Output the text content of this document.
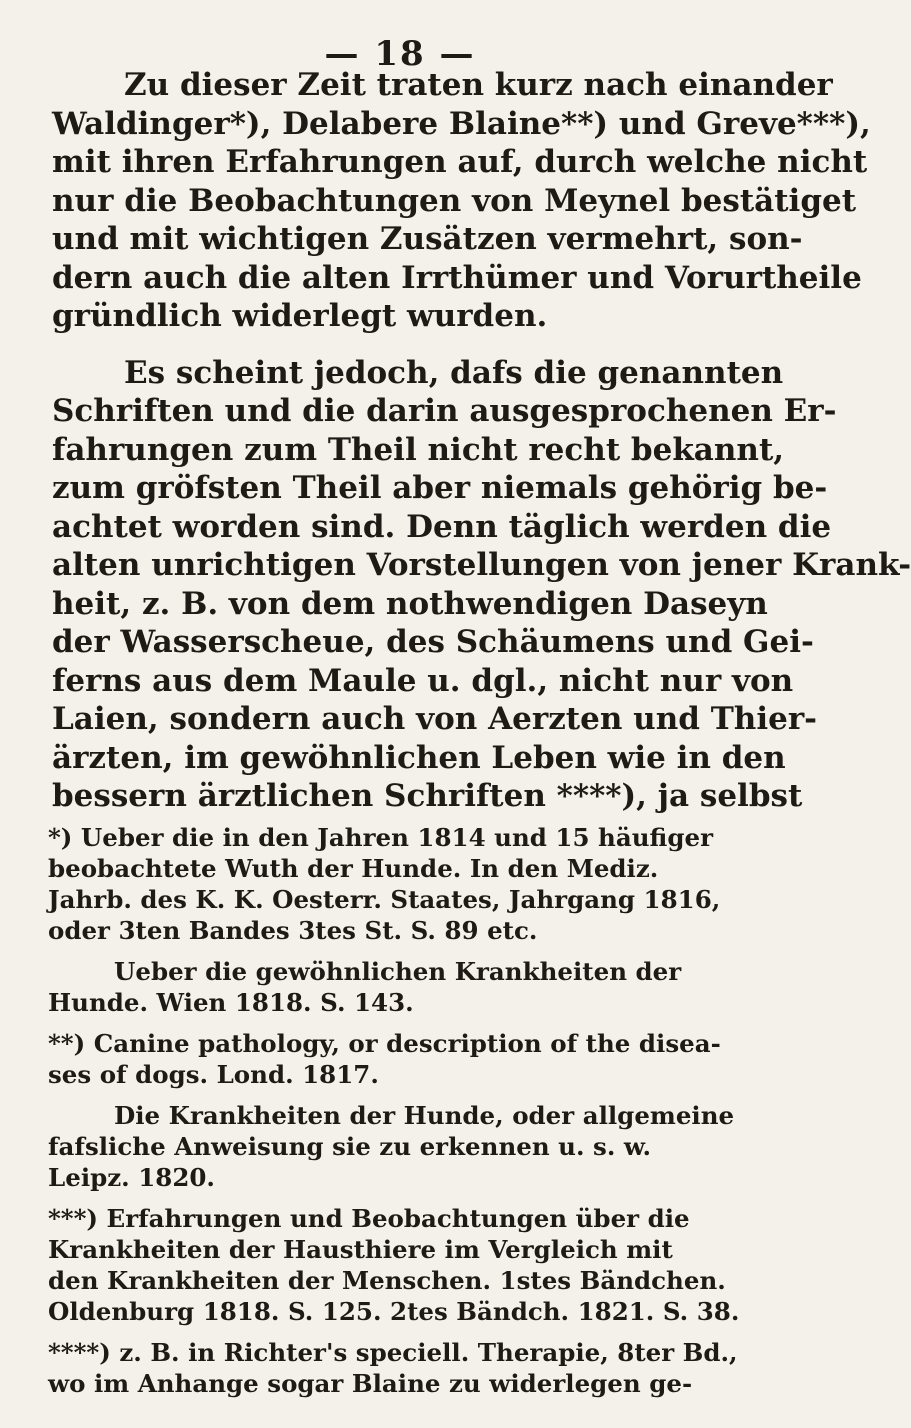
— 18 —
Zu dieser Zeit traten kurz nach einander
Waldinger*), Delabere Blaine**) und Greve***),
mit ihren Erfahrungen auf, durch welche nicht
nur die Beobachtungen von Meynel bestätiget
und mit wichtigen Zusätzen vermehrt, son-
dern auch die alten Irrthümer und Vorurtheile
gründlich widerlegt wurden.
Es scheint jedoch, dafs die genannten
Schriften und die darin ausgesprochenen Er-
fahrungen zum Theil nicht recht bekannt,
zum gröfsten Theil aber niemals gehörig be-
achtet worden sind. Denn täglich werden die
alten unrichtigen Vorstellungen von jener Krank-
heit, z. B. von dem nothwendigen Daseyn
der Wasserscheue, des Schäumens und Gei-
ferns aus dem Maule u. dgl., nicht nur von
Laien, sondern auch von Aerzten und Thier-
ärzten, im gewöhnlichen Leben wie in den
bessern ärztlichen Schriften ****), ja selbst
*) Ueber die in den Jahren 1814 und 15 häufiger
beobachtete Wuth der Hunde. In den Mediz.
Jahrb. des K. K. Oesterr. Staates, Jahrgang 1816,
oder 3ten Bandes 3tes St. S. 89 etc.
Ueber die gewöhnlichen Krankheiten der
Hunde. Wien 1818. S. 143.
**) Canine pathology, or description of the disea-
ses of dogs. Lond. 1817.
Die Krankheiten der Hunde, oder allgemeine
fafsliche Anweisung sie zu erkennen u. s. w.
Leipz. 1820.
***) Erfahrungen und Beobachtungen über die
Krankheiten der Hausthiere im Vergleich mit
den Krankheiten der Menschen. 1stes Bändchen.
Oldenburg 1818. S. 125. 2tes Bändch. 1821. S. 38.
****) z. B. in Richter's speciell. Therapie, 8ter Bd.,
wo im Anhange sogar Blaine zu widerlegen ge-
